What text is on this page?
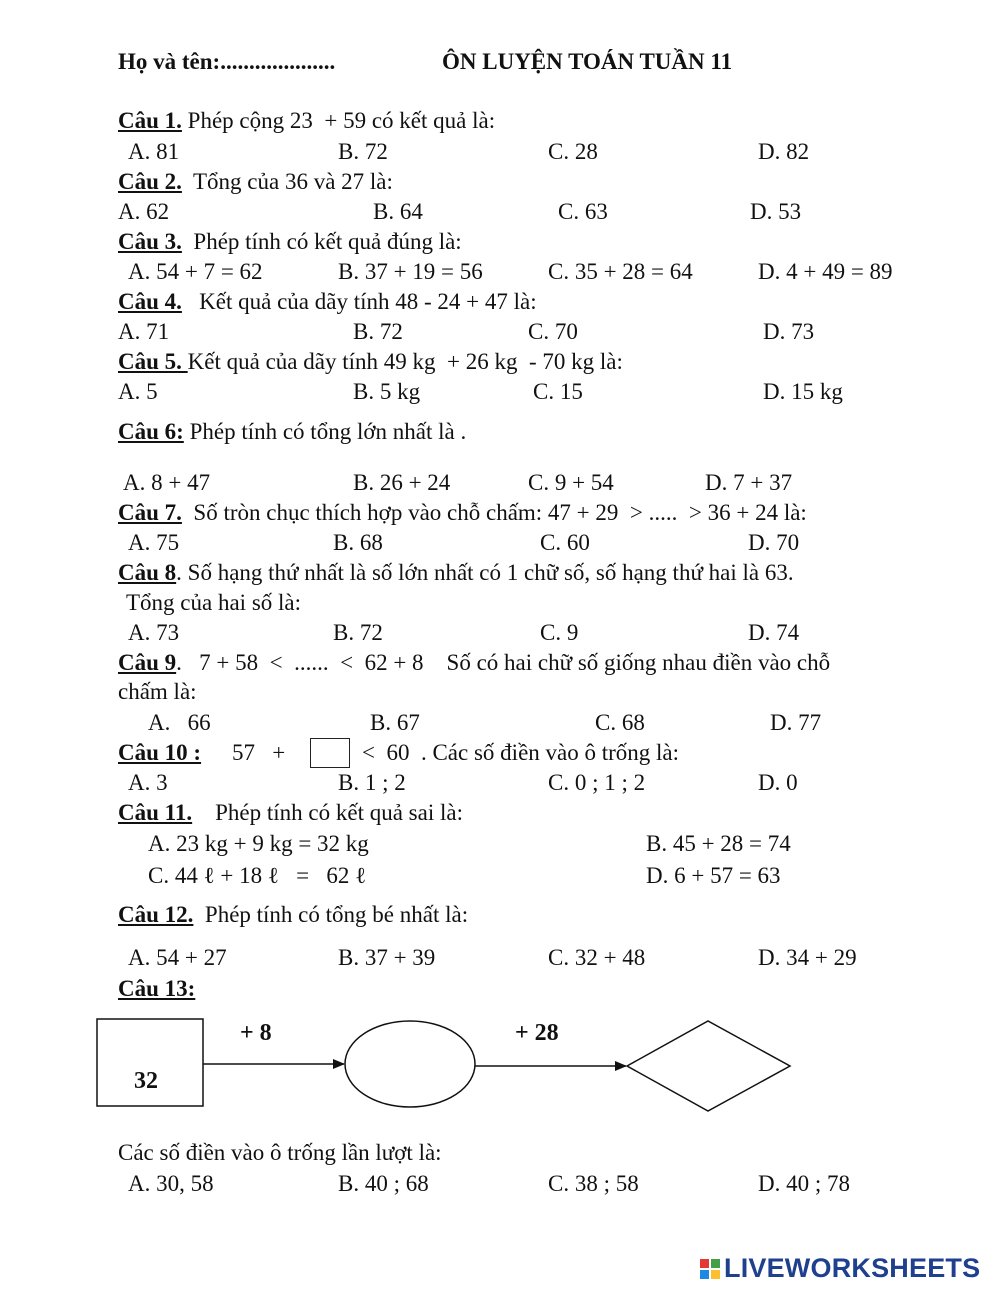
Họ và tên:....................	ÔN LUYỆN TOÁN TUẦN 11
Câu 1. Phép cộng 23  + 59 có kết quả là:
A. 81	B. 72	C. 28	D. 82
Câu 2.  Tổng của 36 và 27 là:
A. 62	B. 64	C. 63	D. 53
Câu 3.  Phép tính có kết quả đúng là:
A. 54 + 7 = 62	B. 37 + 19 = 56	C. 35 + 28 = 64	D. 4 + 49 = 89
Câu 4.   Kết quả của dãy tính 48 - 24 + 47 là:
A. 71	B. 72	C. 70	D. 73
Câu 5. Kết quả của dãy tính 49 kg  + 26 kg  - 70 kg là:
A. 5	B. 5 kg	C. 15	D. 15 kg
Câu 6: Phép tính có tổng lớn nhất là .
A. 8 + 47	B. 26 + 24	C. 9 + 54	D. 7 + 37
Câu 7.  Số tròn chục thích hợp vào chỗ chấm: 47 + 29  > .....  > 36 + 24 là:
A. 75	B. 68	C. 60	D. 70
Câu 8. Số hạng thứ nhất là số lớn nhất có 1 chữ số, số hạng thứ hai là 63.
Tổng của hai số là:
A. 73	B. 72	C. 9	D. 74
Câu 9.   7 + 58  <  ......  <  62 + 8    Số có hai chữ số giống nhau điền vào chỗ
chấm là:
A.   66	B. 67	C. 68	D. 77
Câu 10 : 57   +	<  60  . Các số điền vào ô trống là:
A. 3	B. 1 ; 2	C. 0 ; 1 ; 2	D. 0
Câu 11.    Phép tính có kết quả sai là:
A. 23 kg + 9 kg = 32 kg	B. 45 + 28 = 74
C. 44 ℓ + 18 ℓ   =   62 ℓ	D. 6 + 57 = 63
Câu 12.  Phép tính có tổng bé nhất là:
A. 54 + 27	B. 37 + 39	C. 32 + 48	D. 34 + 29
Câu 13:
32
+ 8	+ 28
Các số điền vào ô trống lần lượt là:
A. 30, 58	B. 40 ; 68	C. 38 ; 58	D. 40 ; 78
LIVEWORKSHEETS
